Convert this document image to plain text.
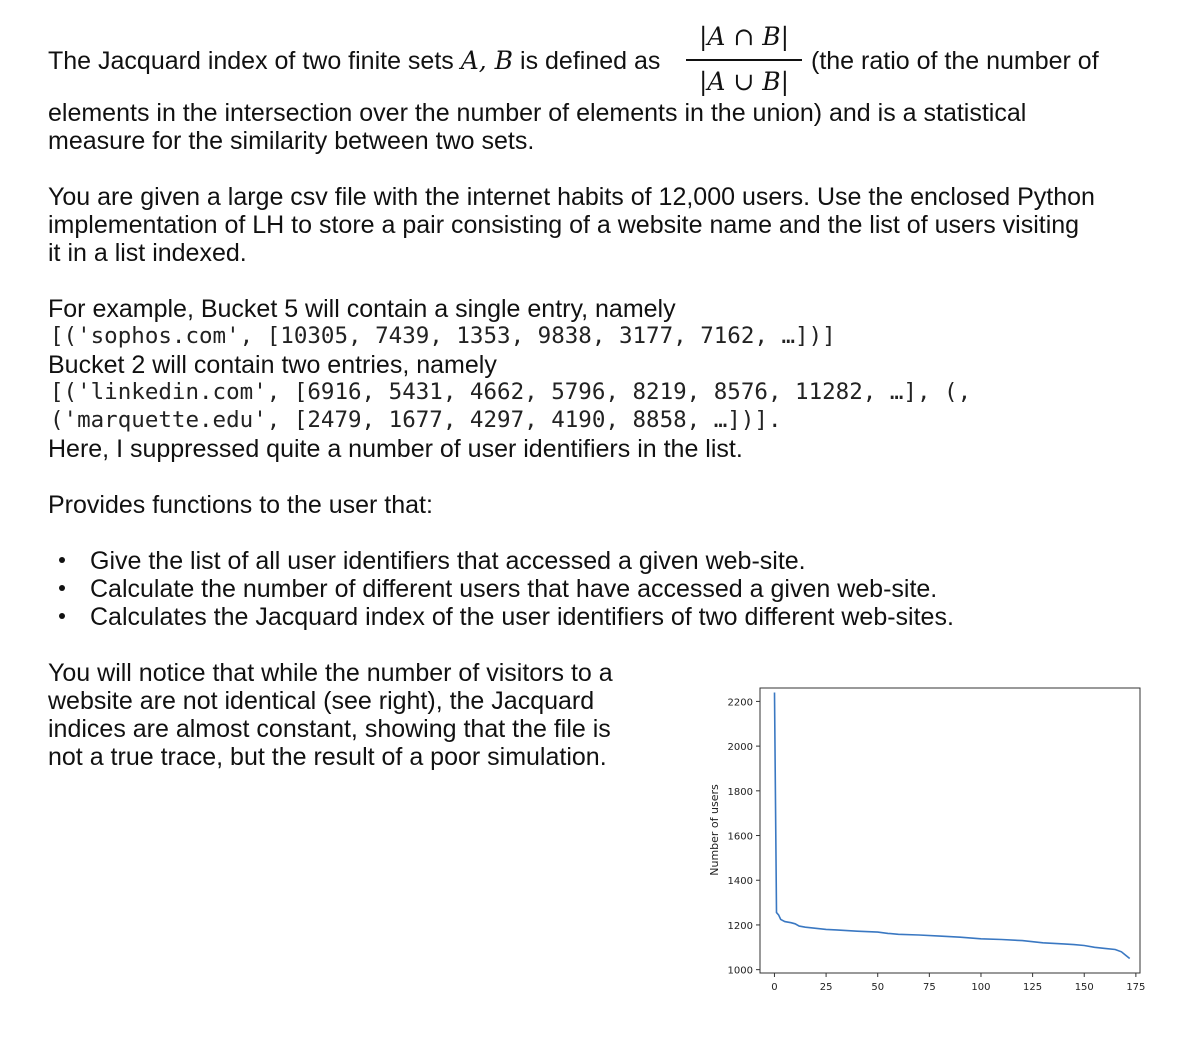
The Jacquard index of two finite sets A, B is defined as
|A ∩ B|
|A ∪ B|
(the ratio of the number of
elements in the intersection over the number of elements in the union) and is a statistical
measure for the similarity between two sets.
You are given a large csv file with the internet habits of 12,000 users. Use the enclosed Python
implementation of LH to store a pair consisting of a website name and the list of users visiting
it in a list indexed.
For example, Bucket 5 will contain a single entry, namely
[('sophos.com', [10305, 7439, 1353, 9838, 3177, 7162, …])]
Bucket 2 will contain two entries, namely
[('linkedin.com', [6916, 5431, 4662, 5796, 8219, 8576, 11282, …], (,
('marquette.edu', [2479, 1677, 4297, 4190, 8858, …])].
Here, I suppressed quite a number of user identifiers in the list.
Provides functions to the user that:
Give the list of all user identifiers that accessed a given web-site.
Calculate the number of different users that have accessed a given web-site.
Calculates the Jacquard index of the user identifiers of two different web-sites.
You will notice that while the number of visitors to a
website are not identical (see right), the Jacquard
indices are almost constant, showing that the file is
not a true trace, but the result of a poor simulation.
1000
1200
1400
1600
1800
2000
2200
0	25	50	75	100	125	150	175
Number of users
